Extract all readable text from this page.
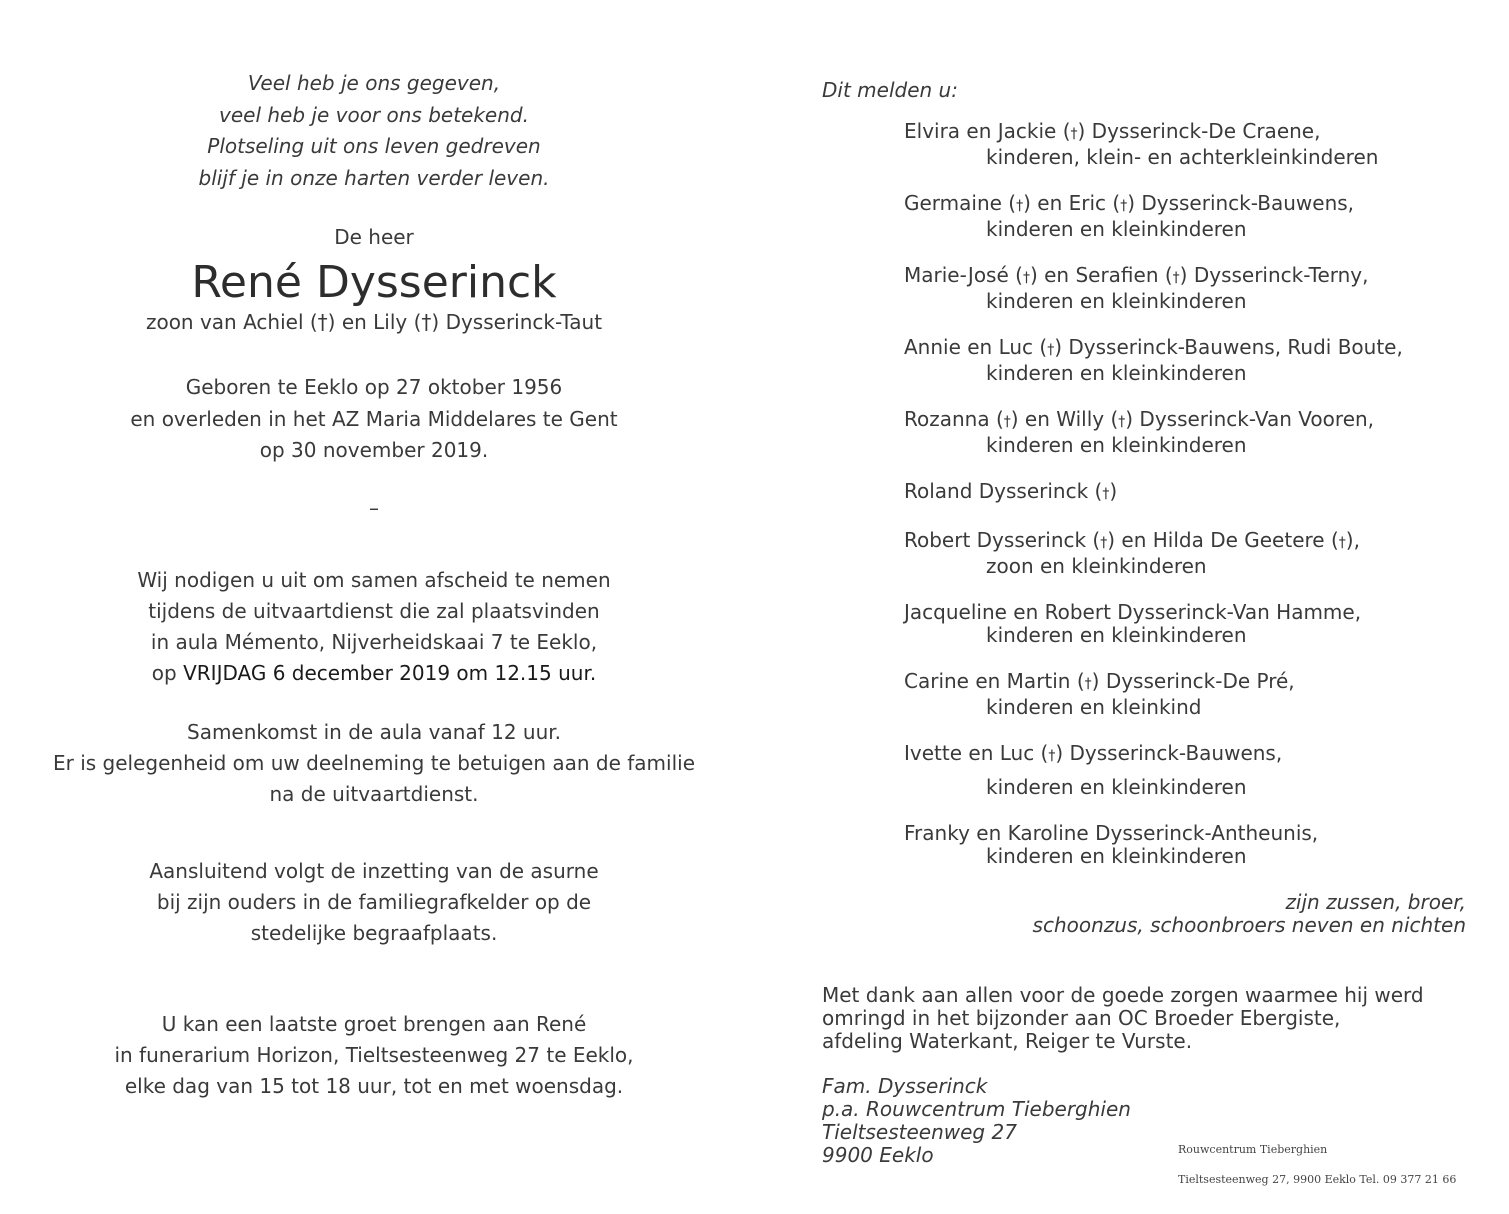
Veel heb je ons gegeven,
veel heb je voor ons betekend.
Plotseling uit ons leven gedreven
blijf je in onze harten verder leven.
De heer
René Dysserinck
zoon van Achiel (†) en Lily (†) Dysserinck-Taut
Geboren te Eeklo op 27 oktober 1956
en overleden in het AZ Maria Middelares te Gent
op 30 november 2019.
–
Wij nodigen u uit om samen afscheid te nemen
tijdens de uitvaartdienst die zal plaatsvinden
in aula Mémento, Nijverheidskaai 7 te Eeklo,
op VRIJDAG 6 december 2019 om 12.15 uur.
Samenkomst in de aula vanaf 12 uur.
Er is gelegenheid om uw deelneming te betuigen aan de familie
na de uitvaartdienst.
Aansluitend volgt de inzetting van de asurne
bij zijn ouders in de familiegrafkelder op de
stedelijke begraafplaats.
U kan een laatste groet brengen aan René
in funerarium Horizon, Tieltsesteenweg 27 te Eeklo,
elke dag van 15 tot 18 uur, tot en met woensdag.
Dit melden u:
Elvira en Jackie (†) Dysserinck-De Craene,
kinderen, klein- en achterkleinkinderen
Germaine (†) en Eric (†) Dysserinck-Bauwens,
kinderen en kleinkinderen
Marie-José (†) en Serafien (†) Dysserinck-Terny,
kinderen en kleinkinderen
Annie en Luc (†) Dysserinck-Bauwens, Rudi Boute,
kinderen en kleinkinderen
Rozanna (†) en Willy (†) Dysserinck-Van Vooren,
kinderen en kleinkinderen
Roland Dysserinck (†)
Robert Dysserinck (†) en Hilda De Geetere (†),
zoon en kleinkinderen
Jacqueline en Robert Dysserinck-Van Hamme,
kinderen en kleinkinderen
Carine en Martin (†) Dysserinck-De Pré,
kinderen en kleinkind
Ivette en Luc (†) Dysserinck-Bauwens,
kinderen en kleinkinderen
Franky en Karoline Dysserinck-Antheunis,
kinderen en kleinkinderen
zijn zussen, broer,
schoonzus, schoonbroers neven en nichten
Met dank aan allen voor de goede zorgen waarmee hij werd
omringd in het bijzonder aan OC Broeder Ebergiste,
afdeling Waterkant, Reiger te Vurste.
Fam. Dysserinck
p.a. Rouwcentrum Tieberghien
Tieltsesteenweg 27
9900 Eeklo	Rouwcentrum Tieberghien
Tieltsesteenweg 27, 9900 Eeklo Tel. 09 377 21 66
